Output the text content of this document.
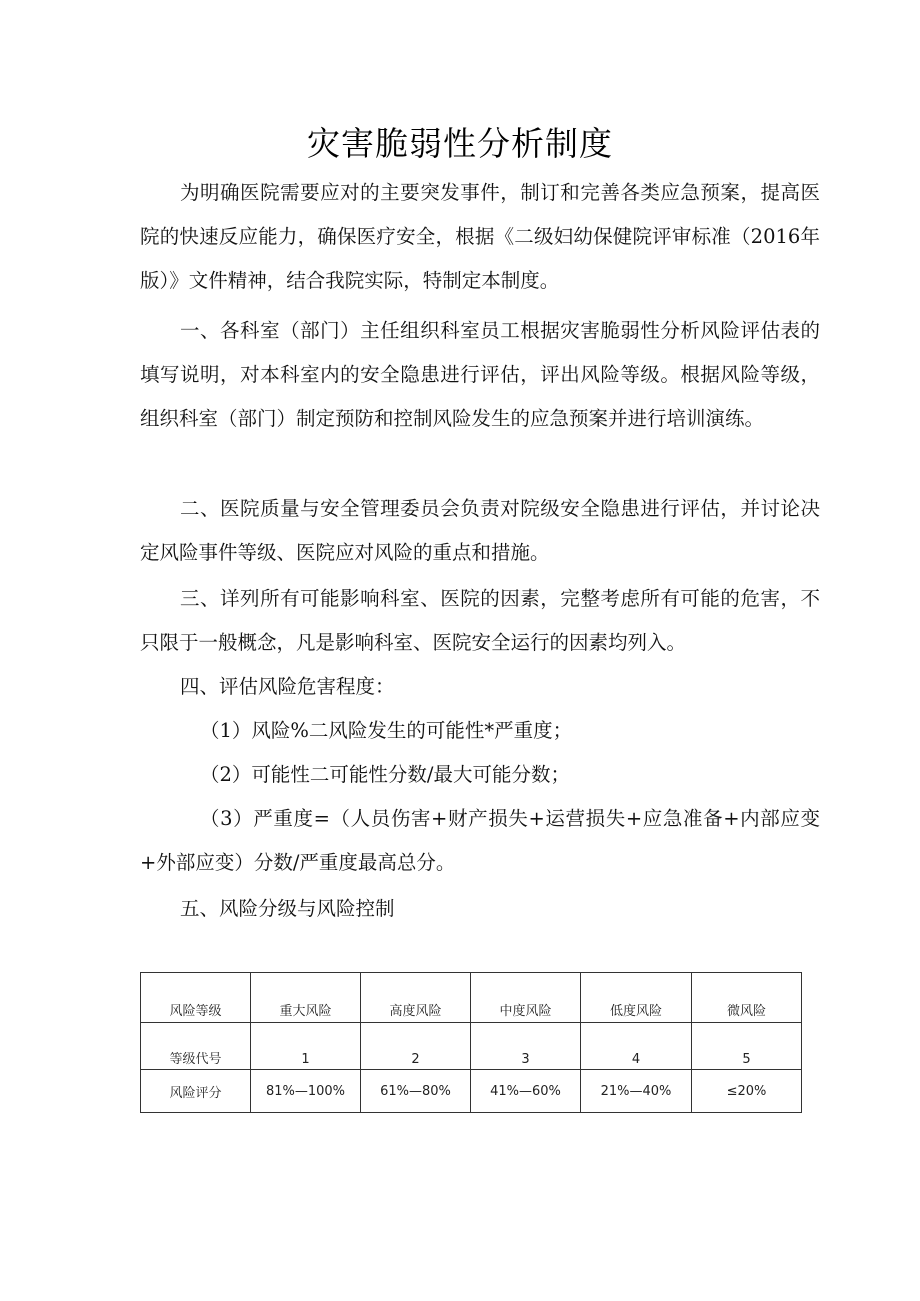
灾害脆弱性分析制度

为明确医院需要应对的主要突发事件，制订和完善各类应急预案，提高医院的快速反应能力，确保医疗安全，根据《二级妇幼保健院评审标准（2016年版）》文件精神，结合我院实际，特制定本制度。

一、各科室（部门）主任组织科室员工根据灾害脆弱性分析风险评估表的填写说明，对本科室内的安全隐患进行评估，评出风险等级。根据风险等级，组织科室（部门）制定预防和控制风险发生的应急预案并进行培训演练。

二、医院质量与安全管理委员会负责对院级安全隐患进行评估，并讨论决定风险事件等级、医院应对风险的重点和措施。

三、详列所有可能影响科室、医院的因素，完整考虑所有可能的危害，不只限于一般概念，凡是影响科室、医院安全运行的因素均列入。

四、评估风险危害程度：

（1）风险%二风险发生的可能性*严重度；

（2）可能性二可能性分数/最大可能分数；

（3）严重度=（人员伤害+财产损失+运营损失+应急准备+内部应变+外部应变）分数/严重度最高总分。

五、风险分级与风险控制

风险等级	重大风险	高度风险	中度风险	低度风险	微风险
等级代号	1	2	3	4	5
风险评分	81%—100%	61%—80%	41%—60%	21%—40%	≤20%
